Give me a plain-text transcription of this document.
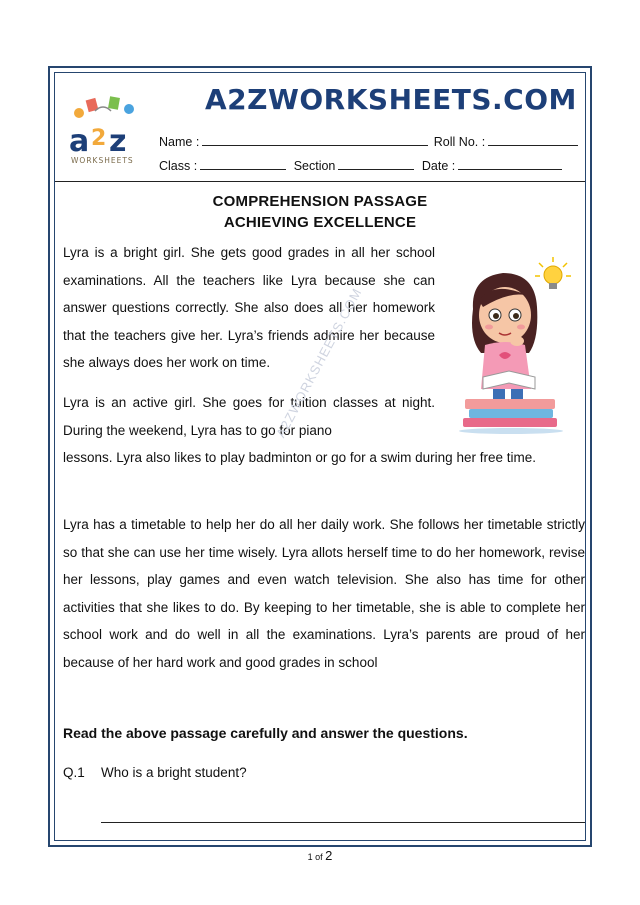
a 2 z
WORKSHEETS
A2ZWORKSHEETS.COM
Name :	Roll No. :
Class :	Section	Date :
COMPREHENSION PASSAGE
ACHIEVING EXCELLENCE

Lyra is a bright girl. She gets good grades in all her school examinations. All the teachers like Lyra because she can answer questions correctly. She also does all her homework that the teachers give her. Lyra’s friends admire her because she always does her work on time.

Lyra is an active girl. She goes for tuition classes at night. During the weekend, Lyra has to go for piano

lessons. Lyra also likes to play badminton or go for a swim during her free time.

Lyra has a timetable to help her do all her daily work. She follows her timetable strictly so that she can use her time wisely. Lyra allots herself time to do her homework, revise her lessons, play games and even watch television. She also has time for other activities that she likes to do. By keeping to her timetable, she is able to complete her school work and do well in all the examinations. Lyra’s parents are proud of her because of her hard work and good grades in school

Read the above passage carefully and answer the questions.
Q.1 Who is a bright student?
A2ZWORKSHEETS.COM
1 of 2
